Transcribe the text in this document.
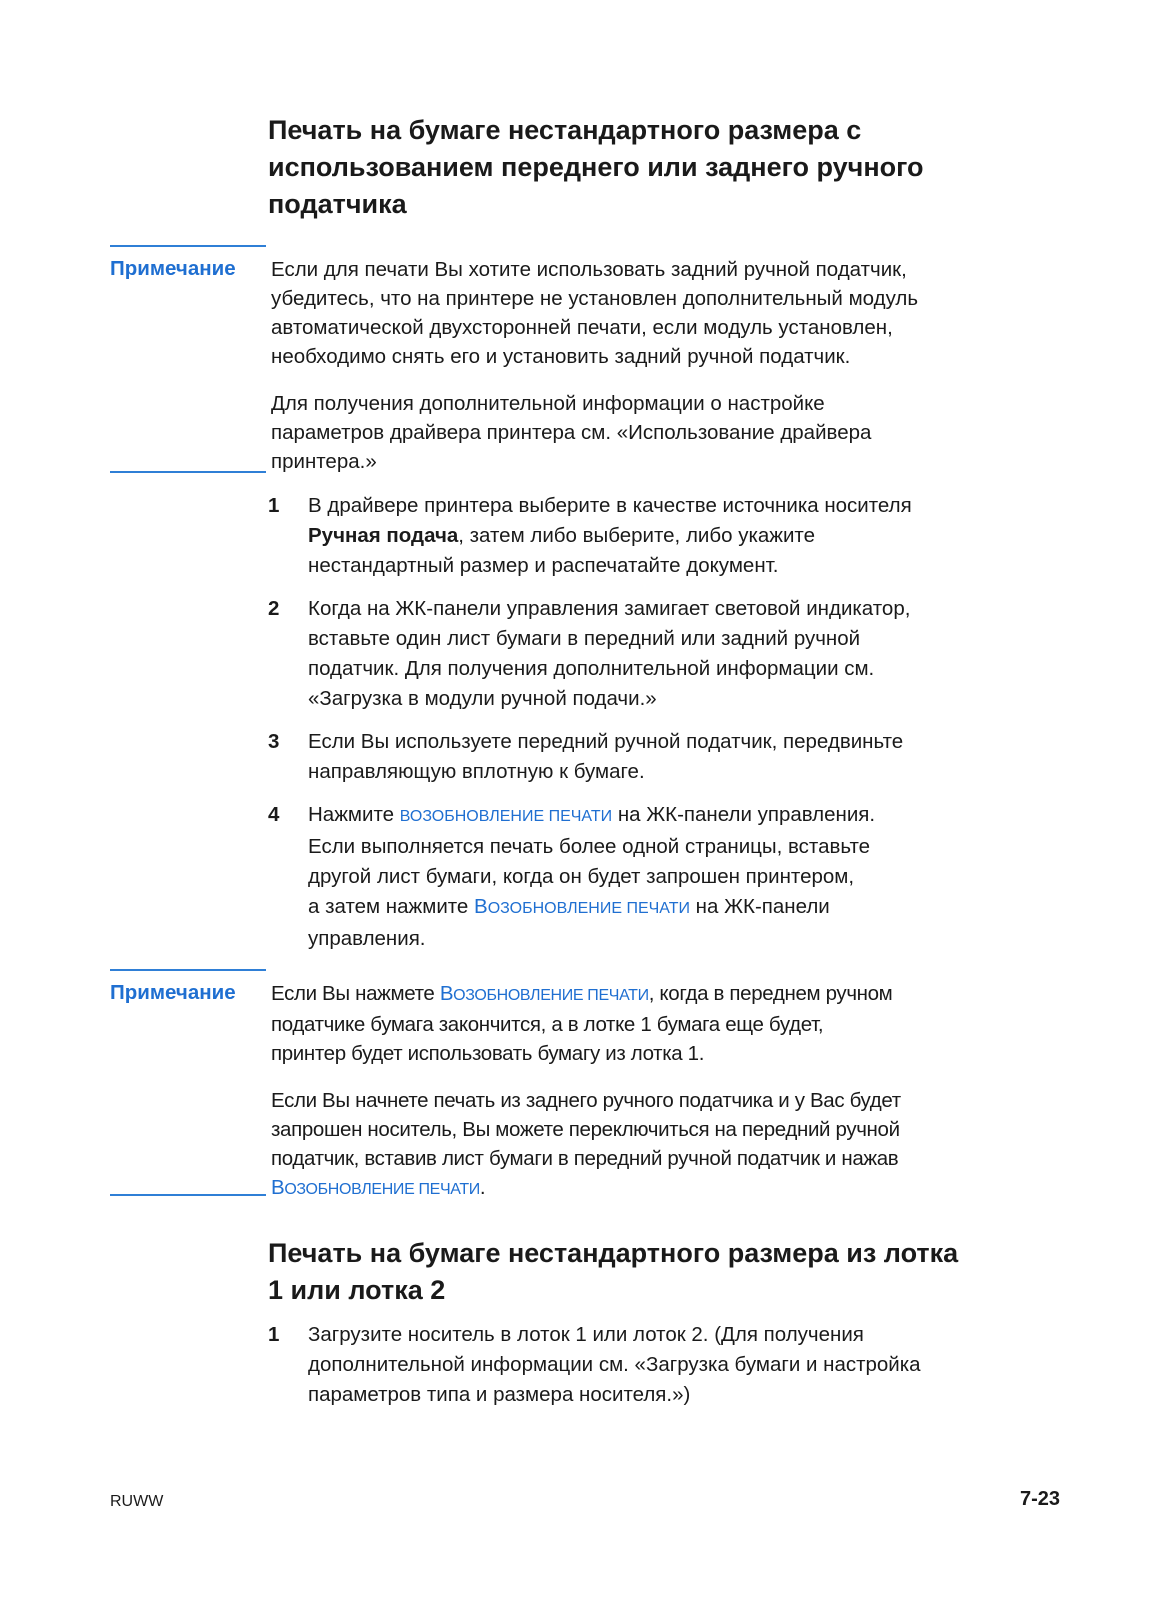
Печать на бумаге нестандартного размера с
использованием переднего или заднего ручного
податчика
Примечание Если для печати Вы хотите использовать задний ручной податчик,
убедитесь, что на принтере не установлен дополнительный модуль
автоматической двухсторонней печати, если модуль установлен,
необходимо снять его и установить задний ручной податчик.

Для получения дополнительной информации о настройке
параметров драйвера принтера см. «Использование драйвера
принтера.»

1 В драйвере принтера выберите в качестве источника носителя
Ручная подача, затем либо выберите, либо укажите
нестандартный размер и распечатайте документ.
2 Когда на ЖК-панели управления замигает световой индикатор,
вставьте один лист бумаги в передний или задний ручной
податчик. Для получения дополнительной информации см.
«Загрузка в модули ручной подачи.»
3 Если Вы используете передний ручной податчик, передвиньте
направляющую вплотную к бумаге.
4 Нажмите ВОЗОБНОВЛЕНИЕ ПЕЧАТИ на ЖК-панели управления.
Если выполняется печать более одной страницы, вставьте
другой лист бумаги, когда он будет запрошен принтером,
а затем нажмите ВОЗОБНОВЛЕНИЕ ПЕЧАТИ на ЖК-панели
управления.
Примечание Если Вы нажмете ВОЗОБНОВЛЕНИЕ ПЕЧАТИ, когда в переднем ручном
податчике бумага закончится, а в лотке 1 бумага еще будет,
принтер будет использовать бумагу из лотка 1.

Если Вы начнете печать из заднего ручного податчика и у Вас будет
запрошен носитель, Вы можете переключиться на передний ручной
податчик, вставив лист бумаги в передний ручной податчик и нажав
ВОЗОБНОВЛЕНИЕ ПЕЧАТИ.

Печать на бумаге нестандартного размера из лотка
1 или лотка 2
1 Загрузите носитель в лоток 1 или лоток 2. (Для получения
дополнительной информации см. «Загрузка бумаги и настройка
параметров типа и размера носителя.»)
RUWW	7-23
